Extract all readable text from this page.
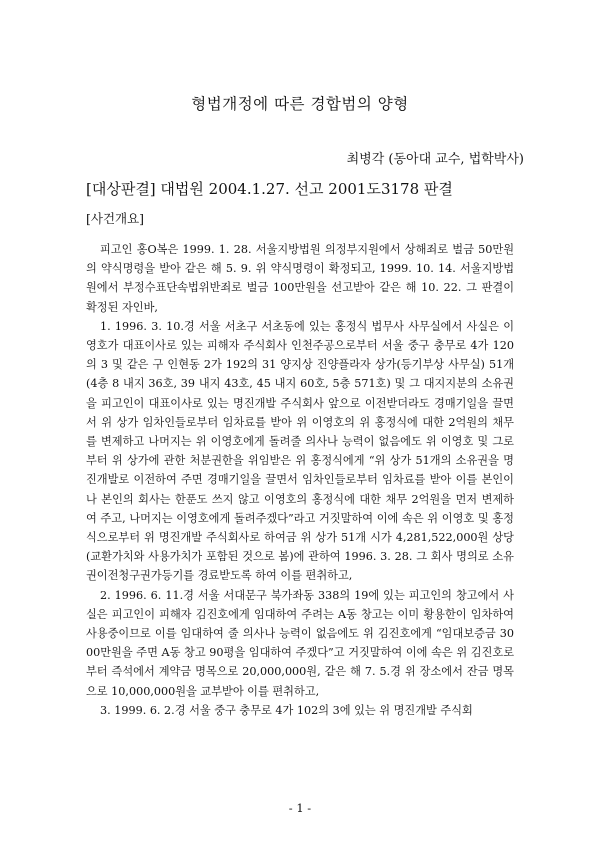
형법개정에 따른 경합범의 양형
최병각 (동아대 교수, 법학박사)
[대상판결] 대법원 2004.1.27. 선고 2001도3178 판결
[사건개요]

피고인 홍O복은 1999. 1. 28. 서울지방법원 의정부지원에서 상해죄로 벌금 50만원의 약식명령을 받아 같은 해 5. 9. 위 약식명령이 확정되고, 1999. 10. 14. 서울지방법원에서 부정수표단속법위반죄로 벌금 100만원을 선고받아 같은 해 10. 22. 그 판결이 확정된 자인바,

1. 1996. 3. 10.경 서울 서초구 서초동에 있는 홍정식 법무사 사무실에서 사실은 이영호가 대표이사로 있는 피해자 주식회사 인천주공으로부터 서울 중구 충무로 4가 120의 3 및 같은 구 인현동 2가 192의 31 양지상 진양플라자 상가(등기부상 사무실) 51개(4층 8 내지 36호, 39 내지 43호, 45 내지 60호, 5층 571호) 및 그 대지지분의 소유권을 피고인이 대표이사로 있는 명진개발 주식회사 앞으로 이전받더라도 경매기일을 끌면서 위 상가 임차인들로부터 임차료를 받아 위 이영호의 위 홍정식에 대한 2억원의 채무를 변제하고 나머지는 위 이영호에게 돌려줄 의사나 능력이 없음에도 위 이영호 및 그로부터 위 상가에 관한 처분권한을 위임받은 위 홍정식에게 “위 상가 51개의 소유권을 명진개발로 이전하여 주면 경매기일을 끌면서 임차인들로부터 임차료를 받아 이를 본인이나 본인의 회사는 한푼도 쓰지 않고 이영호의 홍정식에 대한 채무 2억원을 먼저 변제하여 주고, 나머지는 이영호에게 돌려주겠다”라고 거짓말하여 이에 속은 위 이영호 및 홍정식으로부터 위 명진개발 주식회사로 하여금 위 상가 51개 시가 4,281,522,000원 상당(교환가치와 사용가치가 포함된 것으로 봄)에 관하여 1996. 3. 28. 그 회사 명의로 소유권이전청구권가등기를 경료받도록 하여 이를 편취하고,

2. 1996. 6. 11.경 서울 서대문구 북가좌동 338의 19에 있는 피고인의 창고에서 사실은 피고인이 피해자 김진호에게 임대하여 주려는 A동 창고는 이미 황용한이 임차하여 사용중이므로 이를 임대하여 줄 의사나 능력이 없음에도 위 김진호에게 “임대보증금 3000만원을 주면 A동 창고 90평을 임대하여 주겠다”고 거짓말하여 이에 속은 위 김진호로부터 즉석에서 계약금 명목으로 20,000,000원, 같은 해 7. 5.경 위 장소에서 잔금 명목으로 10,000,000원을 교부받아 이를 편취하고,

3. 1999. 6. 2.경 서울 중구 충무로 4가 102의 3에 있는 위 명진개발 주식회

- 1 -
